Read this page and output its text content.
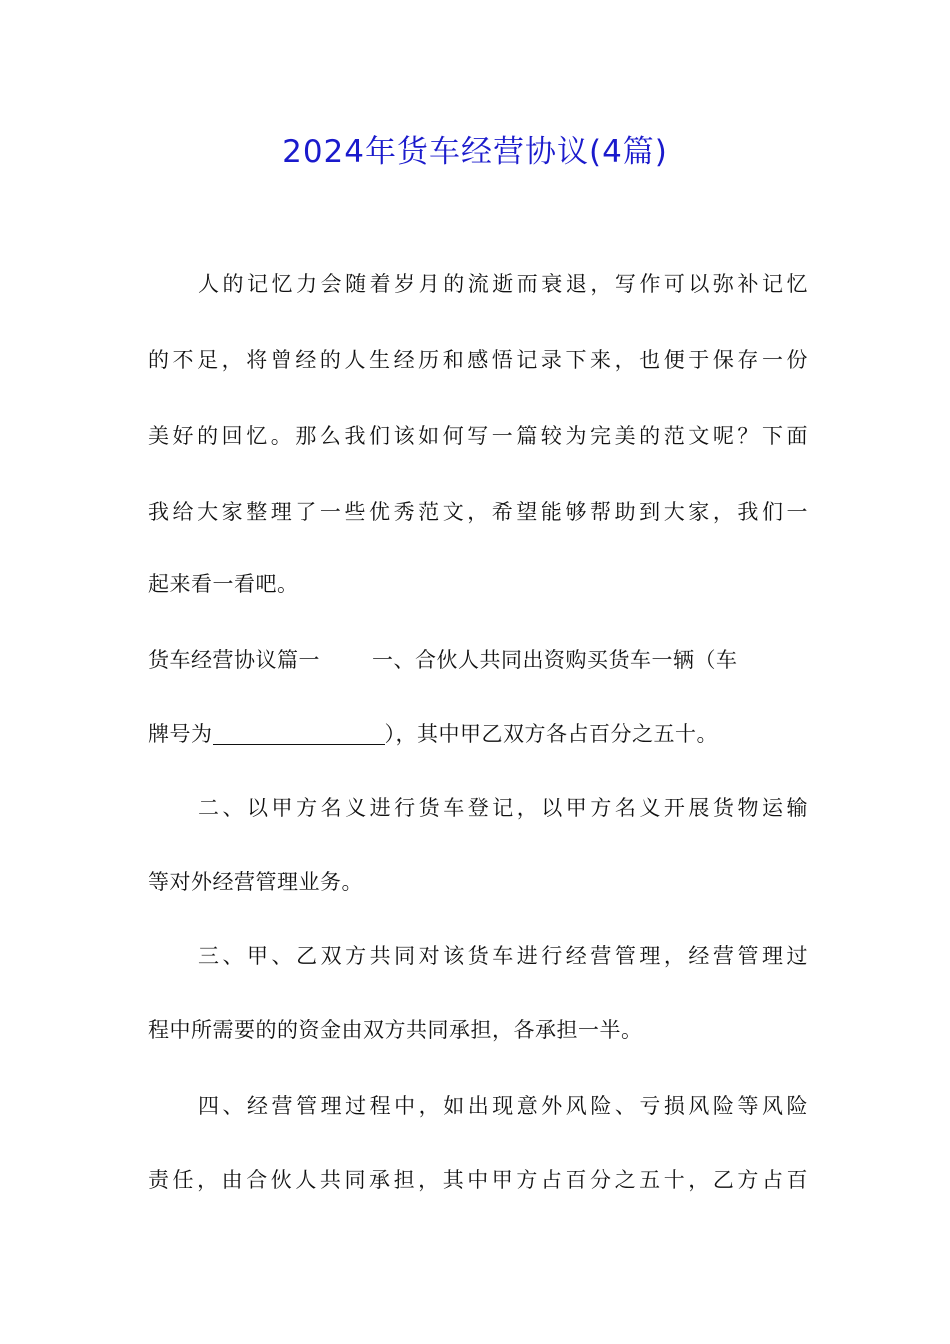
2024年货车经营协议(4篇)
人的记忆力会随着岁月的流逝而衰退，写作可以弥补记忆
的不足，将曾经的人生经历和感悟记录下来，也便于保存一份
美好的回忆。那么我们该如何写一篇较为完美的范文呢？下面
我给大家整理了一些优秀范文，希望能够帮助到大家，我们一
起来看一看吧。
货车经营协议篇一 一、合伙人共同出资购买货车一辆（车
牌号为	），其中甲乙双方各占百分之五十。
二、以甲方名义进行货车登记，以甲方名义开展货物运输
等对外经营管理业务。
三、甲、乙双方共同对该货车进行经营管理，经营管理过
程中所需要的的资金由双方共同承担，各承担一半。
四、经营管理过程中，如出现意外风险、亏损风险等风险
责任，由合伙人共同承担，其中甲方占百分之五十，乙方占百
